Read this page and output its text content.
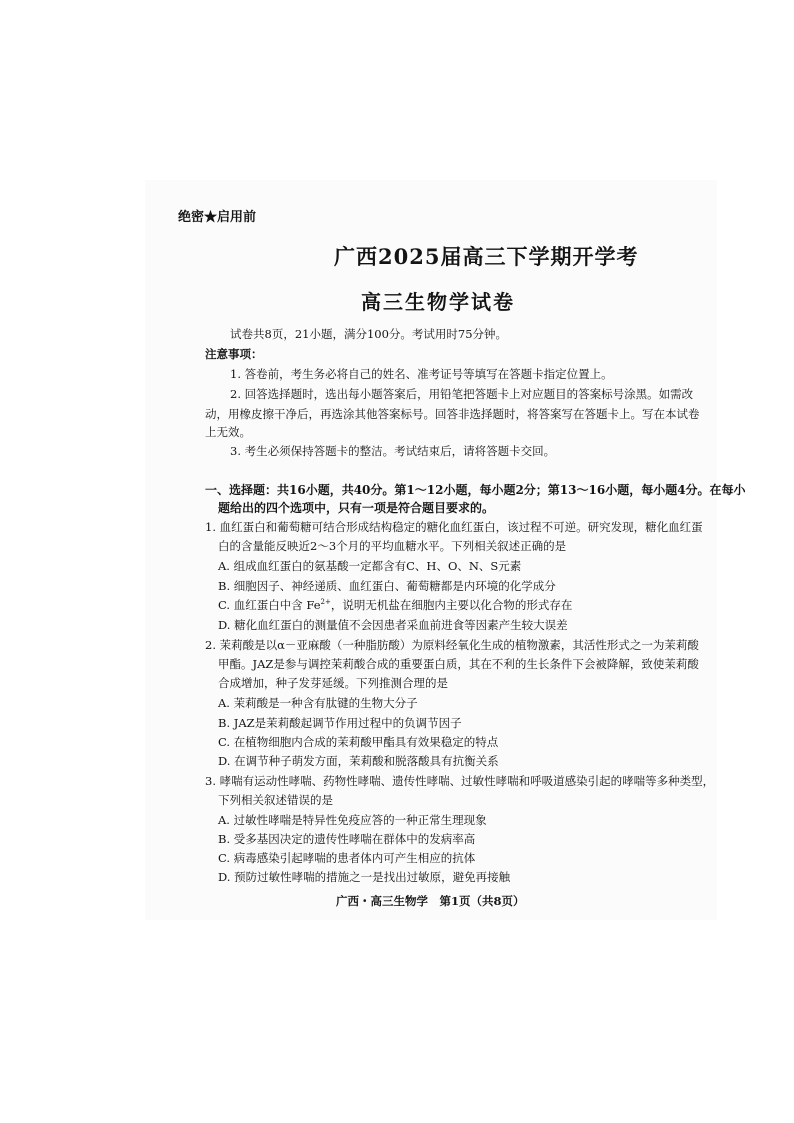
绝密★启用前
广西2025届高三下学期开学考
高三生物学试卷
试卷共8页，21小题，满分100分。考试用时75分钟。
注意事项：
1. 答卷前，考生务必将自己的姓名、准考证号等填写在答题卡指定位置上。
2. 回答选择题时，选出每小题答案后，用铅笔把答题卡上对应题目的答案标号涂黑。如需改
动，用橡皮擦干净后，再选涂其他答案标号。回答非选择题时，将答案写在答题卡上。写在本试卷
上无效。
3. 考生必须保持答题卡的整洁。考试结束后，请将答题卡交回。
一、选择题：共16小题，共40分。第1～12小题，每小题2分；第13～16小题，每小题4分。在每小
题给出的四个选项中，只有一项是符合题目要求的。
1. 血红蛋白和葡萄糖可结合形成结构稳定的糖化血红蛋白，该过程不可逆。研究发现，糖化血红蛋
白的含量能反映近2～3个月的平均血糖水平。下列相关叙述正确的是
A. 组成血红蛋白的氨基酸一定都含有C、H、O、N、S元素
B. 细胞因子、神经递质、血红蛋白、葡萄糖都是内环境的化学成分
C. 血红蛋白中含 $Fe^{2+}$，说明无机盐在细胞内主要以化合物的形式存在
D. 糖化血红蛋白的测量值不会因患者采血前进食等因素产生较大误差
2. 茉莉酸是以α－亚麻酸（一种脂肪酸）为原料经氧化生成的植物激素，其活性形式之一为茉莉酸
甲酯。JAZ是参与调控茉莉酸合成的重要蛋白质，其在不利的生长条件下会被降解，致使茉莉酸
合成增加，种子发芽延缓。下列推测合理的是
A. 茉莉酸是一种含有肽键的生物大分子
B. JAZ是茉莉酸起调节作用过程中的负调节因子
C. 在植物细胞内合成的茉莉酸甲酯具有效果稳定的特点
D. 在调节种子萌发方面，茉莉酸和脱落酸具有抗衡关系
3. 哮喘有运动性哮喘、药物性哮喘、遗传性哮喘、过敏性哮喘和呼吸道感染引起的哮喘等多种类型，
下列相关叙述错误的是
A. 过敏性哮喘是特异性免疫应答的一种正常生理现象
B. 受多基因决定的遗传性哮喘在群体中的发病率高
C. 病毒感染引起哮喘的患者体内可产生相应的抗体
D. 预防过敏性哮喘的措施之一是找出过敏原，避免再接触
广西・高三生物学　第1页（共8页）
